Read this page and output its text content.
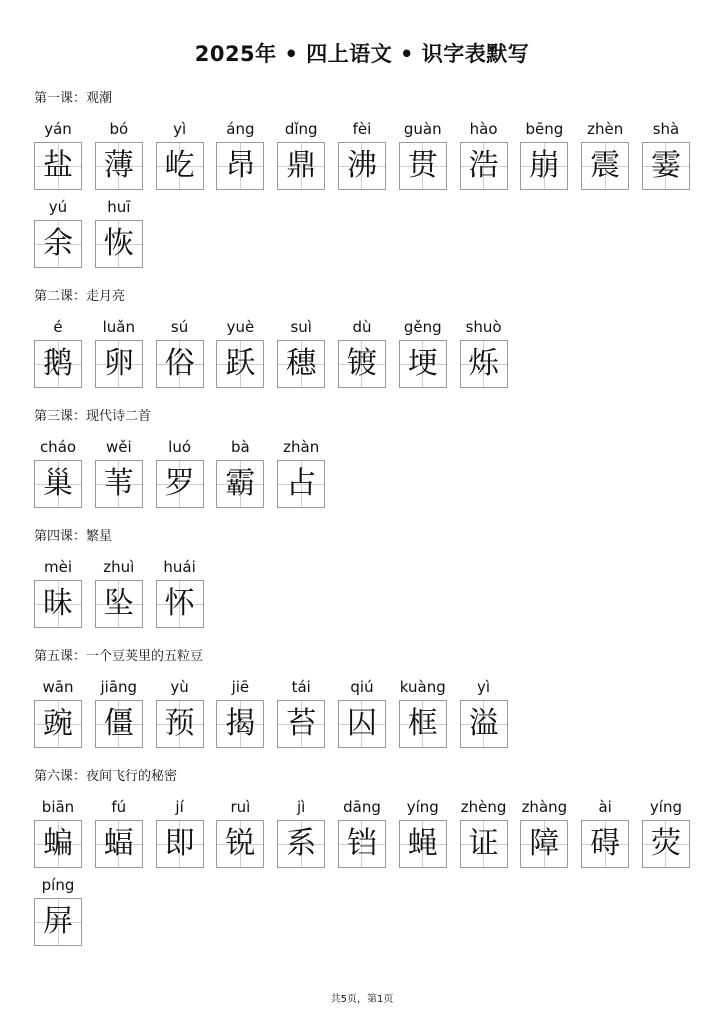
2025年 • 四上语文 • 识字表默写
第一课：观潮
yán
盐
bó
薄
yì
屹
áng
昂
dǐng
鼎
fèi
沸
guàn
贯
hào
浩
bēng
崩
zhèn
震
shà
霎
yú
余
huī
恢
第二课：走月亮
é
鹅
luǎn
卵
sú
俗
yuè
跃
suì
穗
dù
镀
gěng
埂
shuò
烁
第三课：现代诗二首
cháo
巢
wěi
苇
luó
罗
bà
霸
zhàn
占
第四课：繁星
mèi
昧
zhuì
坠
huái
怀
第五课：一个豆荚里的五粒豆
wān
豌
jiāng
僵
yù
预
jiē
揭
tái
苔
qiú
囚
kuàng
框
yì
溢
第六课：夜间飞行的秘密
biān
蝙
fú
蝠
jí
即
ruì
锐
jì
系
dāng
铛
yíng
蝇
zhèng
证
zhàng
障
ài
碍
yíng
荧
píng
屏
共5页，第1页
